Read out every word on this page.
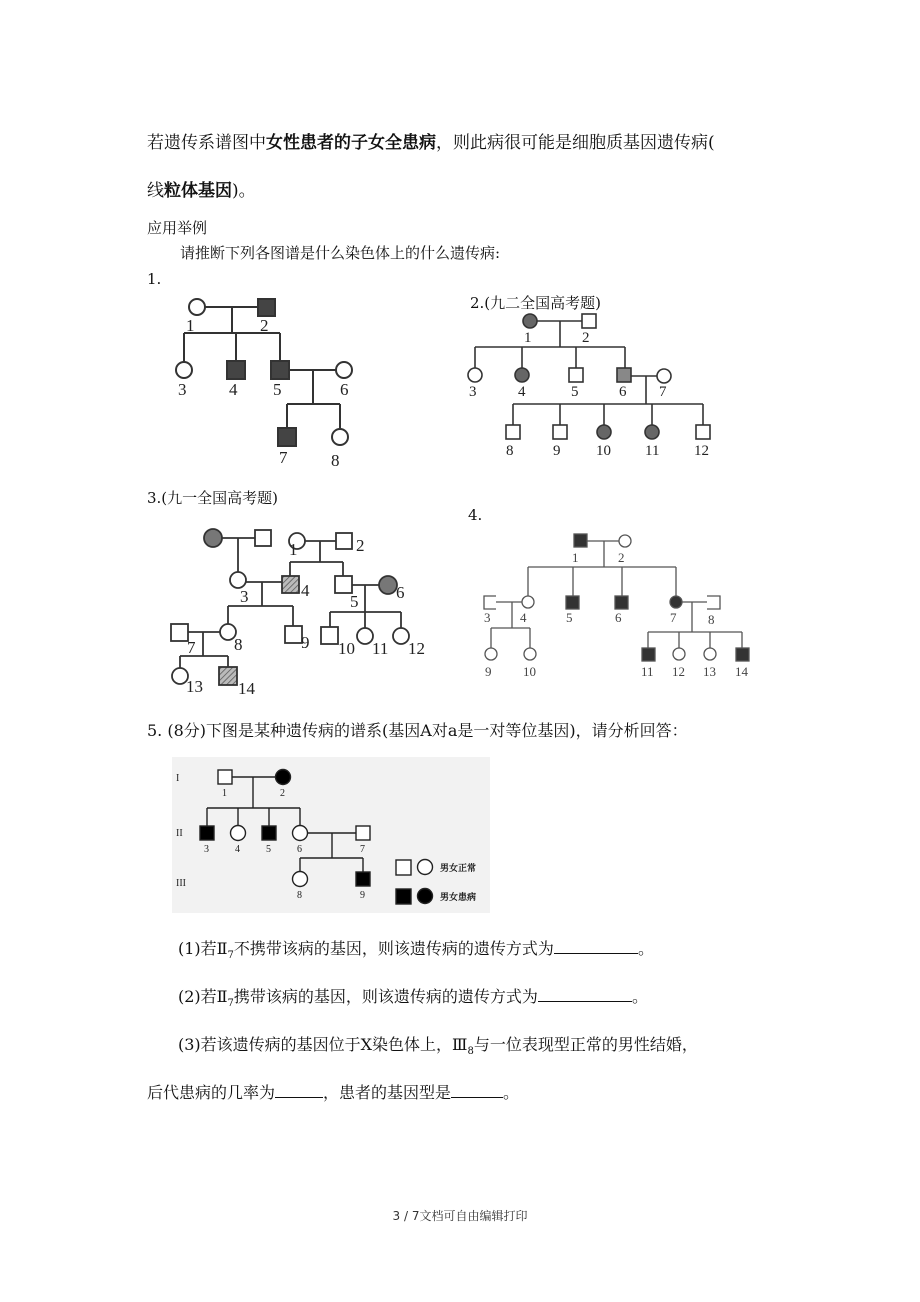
若遗传系谱图中女性患者的子女全患病，则此病很可能是细胞质基因遗传病(
线粒体基因)。
应用举例
请推断下列各图谱是什么染色体上的什么遗传病:
1.
2.(九二全国高考题)
3.(九一全国高考题)
4.
1	2
3	4 5	6
7	8
1	2
3	4	5	6 7
8	9 10 11 12
1	2
3	4
5 6
7 8	9 10 11 12
13 14
1	2
3 4	5	6	7 8
9 10	11 12 13 14
5. (8分)下图是某种遗传病的谱系(基因A对a是一对等位基因)，请分析回答：
I
II
III
1	2
3	4	5	6	7
8	9
男女正常
男女患病
(1)若$Ⅱ_7$不携带该病的基因，则该遗传病的遗传方式为	。
(2)若$Ⅱ_7$携带该病的基因，则该遗传病的遗传方式为	。
(3)若该遗传病的基因位于X染色体上，$Ⅲ_8$与一位表现型正常的男性结婚，
后代患病的几率为	，患者的基因型是	。
3 / 7文档可自由编辑打印
